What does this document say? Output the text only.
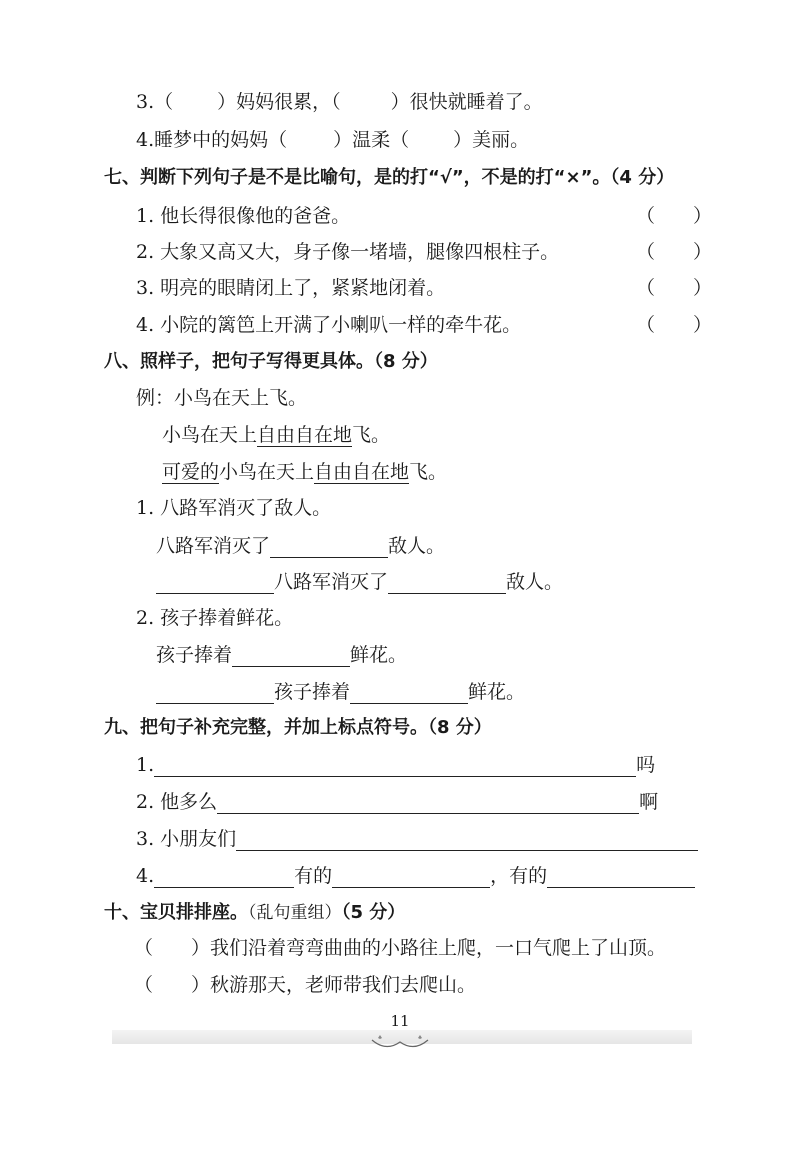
3.（ ）妈妈很累，（	）很快就睡着了。
4.睡梦中的妈妈（ ）温柔（ ）美丽。
七、判断下列句子是不是比喻句，是的打“√”，不是的打“×”。（4 分）
1. 他长得很像他的爸爸。	（　　）
2. 大象又高又大，身子像一堵墙，腿像四根柱子。	（　　）
3. 明亮的眼睛闭上了，紧紧地闭着。	（　　）
4. 小院的篱笆上开满了小喇叭一样的牵牛花。	（　　）
八、照样子，把句子写得更具体。（8 分）
例：小鸟在天上飞。
小鸟在天上自由自在地飞。
可爱的小鸟在天上自由自在地飞。
1. 八路军消灭了敌人。
八路军消灭了	敌人。
八路军消灭了	敌人。
2. 孩子捧着鲜花。
孩子捧着	鲜花。
孩子捧着	鲜花。
九、把句子补充完整，并加上标点符号。（8 分）
1.	吗
2. 他多么	啊
3. 小朋友们
4.	有的	，有的
十、宝贝排排座。（乱句重组）（5 分）
（　　）我们沿着弯弯曲曲的小路往上爬，一口气爬上了山顶。
（　　）秋游那天，老师带我们去爬山。
11
